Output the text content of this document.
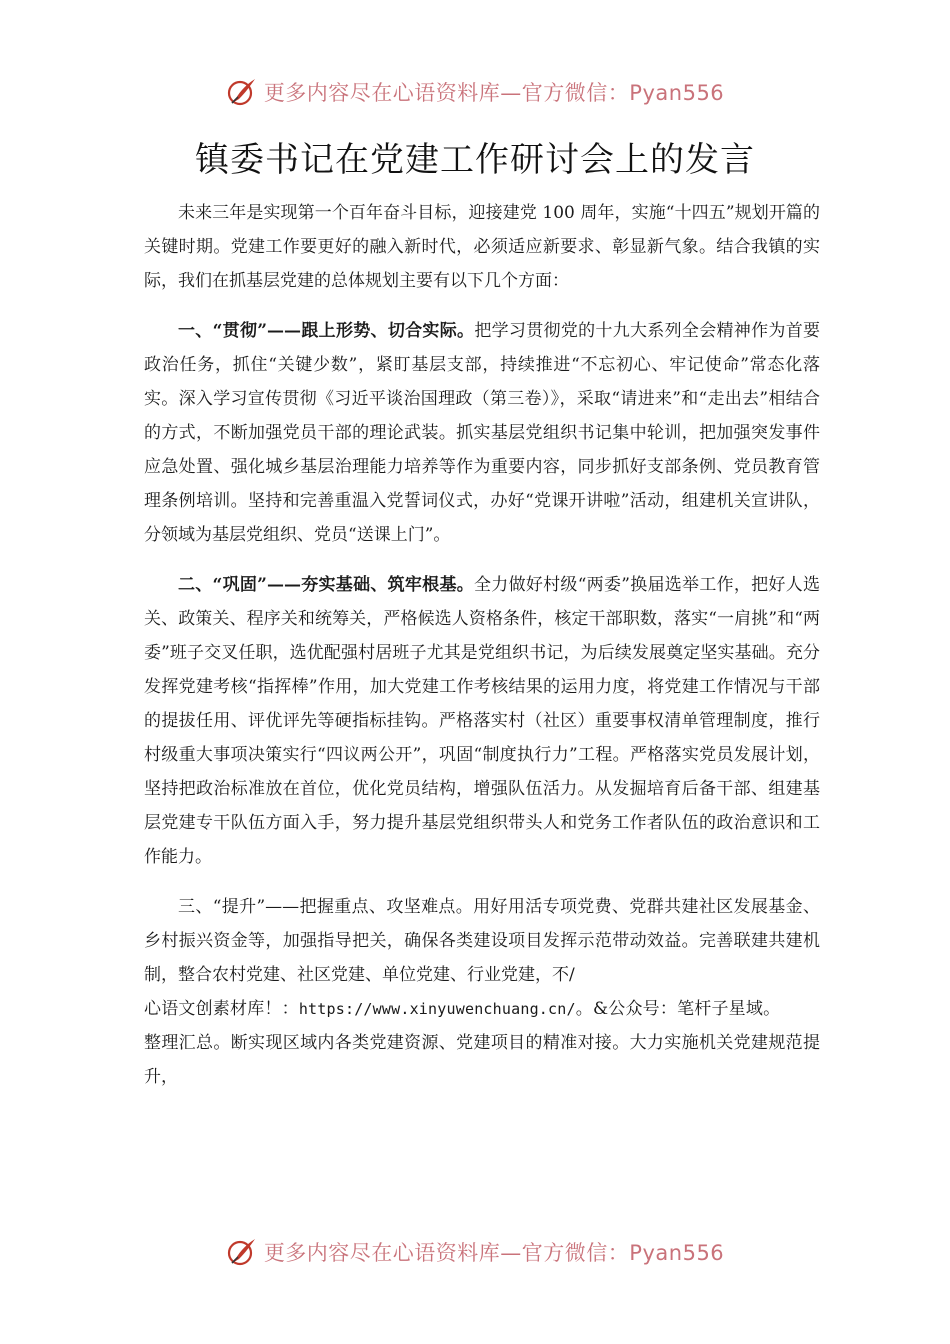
更多内容尽在心语资料库—官方微信：Pyan556
镇委书记在党建工作研讨会上的发言

未来三年是实现第一个百年奋斗目标，迎接建党 100 周年，实施“十四五”规划开篇的关键时期。党建工作要更好的融入新时代，必须适应新要求、彰显新气象。结合我镇的实际，我们在抓基层党建的总体规划主要有以下几个方面：

一、“贯彻”——跟上形势、切合实际。把学习贯彻党的十九大系列全会精神作为首要政治任务，抓住“关键少数”，紧盯基层支部，持续推进“不忘初心、牢记使命”常态化落实。深入学习宣传贯彻《习近平谈治国理政（第三卷）》，采取“请进来”和“走出去”相结合的方式，不断加强党员干部的理论武装。抓实基层党组织书记集中轮训，把加强突发事件应急处置、强化城乡基层治理能力培养等作为重要内容，同步抓好支部条例、党员教育管理条例培训。坚持和完善重温入党誓词仪式，办好“党课开讲啦”活动，组建机关宣讲队，分领域为基层党组织、党员“送课上门”。

二、“巩固”——夯实基础、筑牢根基。全力做好村级“两委”换届选举工作，把好人选关、政策关、程序关和统筹关，严格候选人资格条件，核定干部职数，落实“一肩挑”和“两委”班子交叉任职，选优配强村居班子尤其是党组织书记，为后续发展奠定坚实基础。充分发挥党建考核“指挥棒”作用，加大党建工作考核结果的运用力度，将党建工作情况与干部的提拔任用、评优评先等硬指标挂钩。严格落实村（社区）重要事权清单管理制度，推行村级重大事项决策实行“四议两公开”，巩固“制度执行力”工程。严格落实党员发展计划，坚持把政治标准放在首位，优化党员结构，增强队伍活力。从发掘培育后备干部、组建基层党建专干队伍方面入手，努力提升基层党组织带头人和党务工作者队伍的政治意识和工作能力。

三、“提升”——把握重点、攻坚难点。用好用活专项党费、党群共建社区发展基金、乡村振兴资金等，加强指导把关，确保各类建设项目发挥示范带动效益。完善联建共建机制，整合农村党建、社区党建、单位党建、行业党建，不/

心语文创素材库！：https://www.xinyuwenchuang.cn/。&公众号：笔杆子星域。
整理汇总。断实现区域内各类党建资源、党建项目的精准对接。大力实施机关党建规范提升，

更多内容尽在心语资料库—官方微信：Pyan556
